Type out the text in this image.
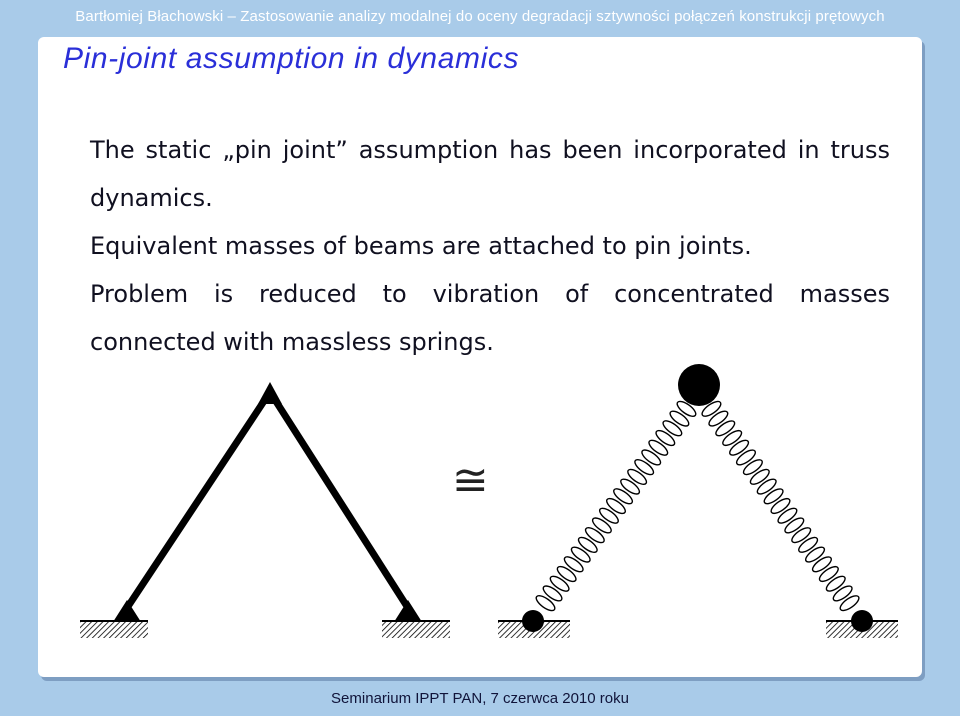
Bartłomiej Błachowski – Zastosowanie analizy modalnej do oceny degradacji sztywności połączeń konstrukcji prętowych
Pin-joint assumption in dynamics

The static „pin joint” assumption has been incorporated in truss dynamics.

Equivalent masses of beams are attached to pin joints.

Problem is reduced to vibration of concentrated masses connected with massless springs.

≅
Seminarium IPPT PAN, 7 czerwca 2010 roku
